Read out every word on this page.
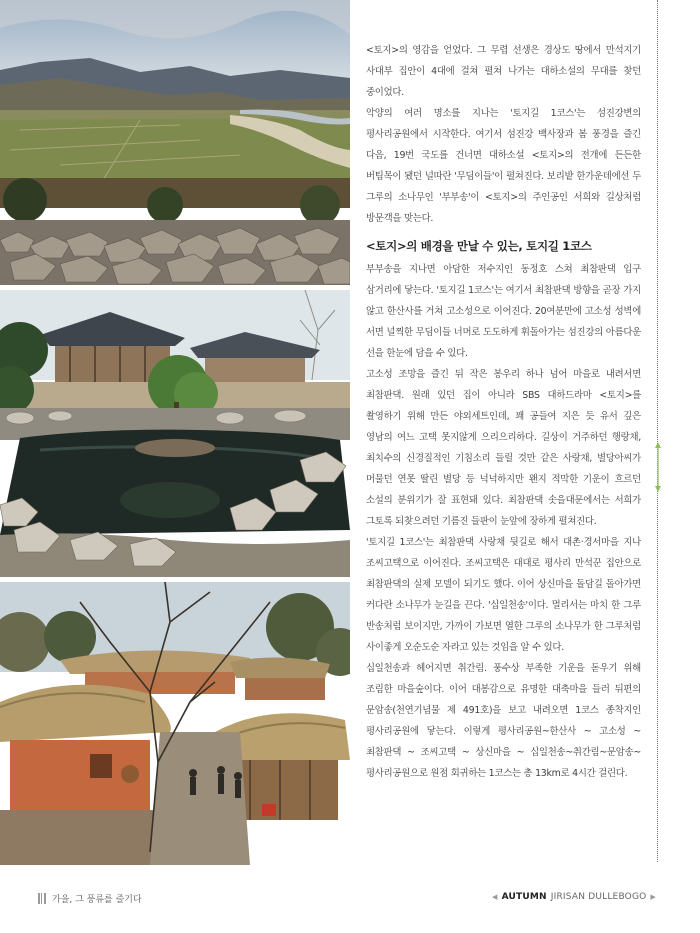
<토지>의 영감을 얻었다. 그 무렵 선생은 경상도 땅에서 만석지기 사대부 집안이 4대에 걸쳐 펼쳐 나가는 대하소설의 무대를 찾던 중이었다.

악양의 여러 명소를 지나는 '토지길 1코스'는 섬진강변의 평사리공원에서 시작한다. 여기서 섬진강 백사장과 봄 풍경을 즐긴 다음, 19번 국도를 건너면 대하소설 <토지>의 전개에 든든한 버팀목이 됐던 널따란 '무딤이들'이 펼쳐진다. 보리밭 한가운데에선 두 그루의 소나무인 '부부송'이 <토지>의 주인공인 서희와 길상처럼 방문객을 맞는다.

<토지>의 배경을 만날 수 있는, 토지길 1코스

부부송을 지나면 아담한 저수지인 동정호 스쳐 최참판댁 입구 삼거리에 닿는다. '토지길 1코스'는 여기서 최참판댁 방향을 곧장 가지 않고 한산사를 거쳐 고소성으로 이어진다. 20여분만에 고소성 성벽에 서면 널찍한 무딤이들 너머로 도도하게 휘돌아가는 섬진강의 아름다운 선을 한눈에 담을 수 있다.

고소성 조망을 즐긴 뒤 작은 봉우리 하나 넘어 마을로 내려서면 최참판댁. 원래 있던 집이 아니라 SBS 대하드라마 <토지>를 촬영하기 위해 만든 야외세트인데, 꽤 공들여 지은 듯 유서 깊은 영남의 여느 고택 못지않게 으리으리하다. 길상이 거주하던 행랑채, 최치수의 신경질적인 기침소리 들릴 것만 같은 사랑채, 별당아씨가 머물던 연못 딸린 별당 등 넉넉하지만 왠지 적막한 기운이 흐르던 소설의 분위기가 잘 표현돼 있다. 최참판댁 솟을대문에서는 서희가 그토록 되찾으려던 기름진 들판이 눈앞에 장하게 펼쳐진다.

'토지길 1코스'는 최참판댁 사랑채 뒷길로 해서 대촌·경서마을 지나 조씨고택으로 이어진다. 조씨고택은 대대로 평사리 만석꾼 집안으로 최참판댁의 실제 모델이 되기도 했다. 이어 상신마을 돌담길 돌아가면 커다란 소나무가 눈길을 끈다. '십일천송'이다. 멀리서는 마치 한 그루 반송처럼 보이지만, 가까이 가보면 열한 그루의 소나무가 한 그루처럼 사이좋게 오순도순 자라고 있는 것임을 알 수 있다.

십일천송과 헤어지면 취간림. 풍수상 부족한 기운을 돋우기 위해 조림한 마을숲이다. 이어 대봉감으로 유명한 대축마을 들러 뒤편의 문암송(천연기념물 제 491호)을 보고 내려오면 1코스 종착지인 평사리공원에 닿는다. 이렇게 평사리공원~한산사 ~ 고소성 ~ 최참판댁 ~ 조씨고택 ~ 상신마을 ~ 십일천송~취간림~문암송~평사리공원으로 원점 회귀하는 1코스는 총 13km로 4시간 걸린다.

가을, 그 풍류를 즐기다	◀ AUTUMN JIRISAN DULLEBOGO ▶
